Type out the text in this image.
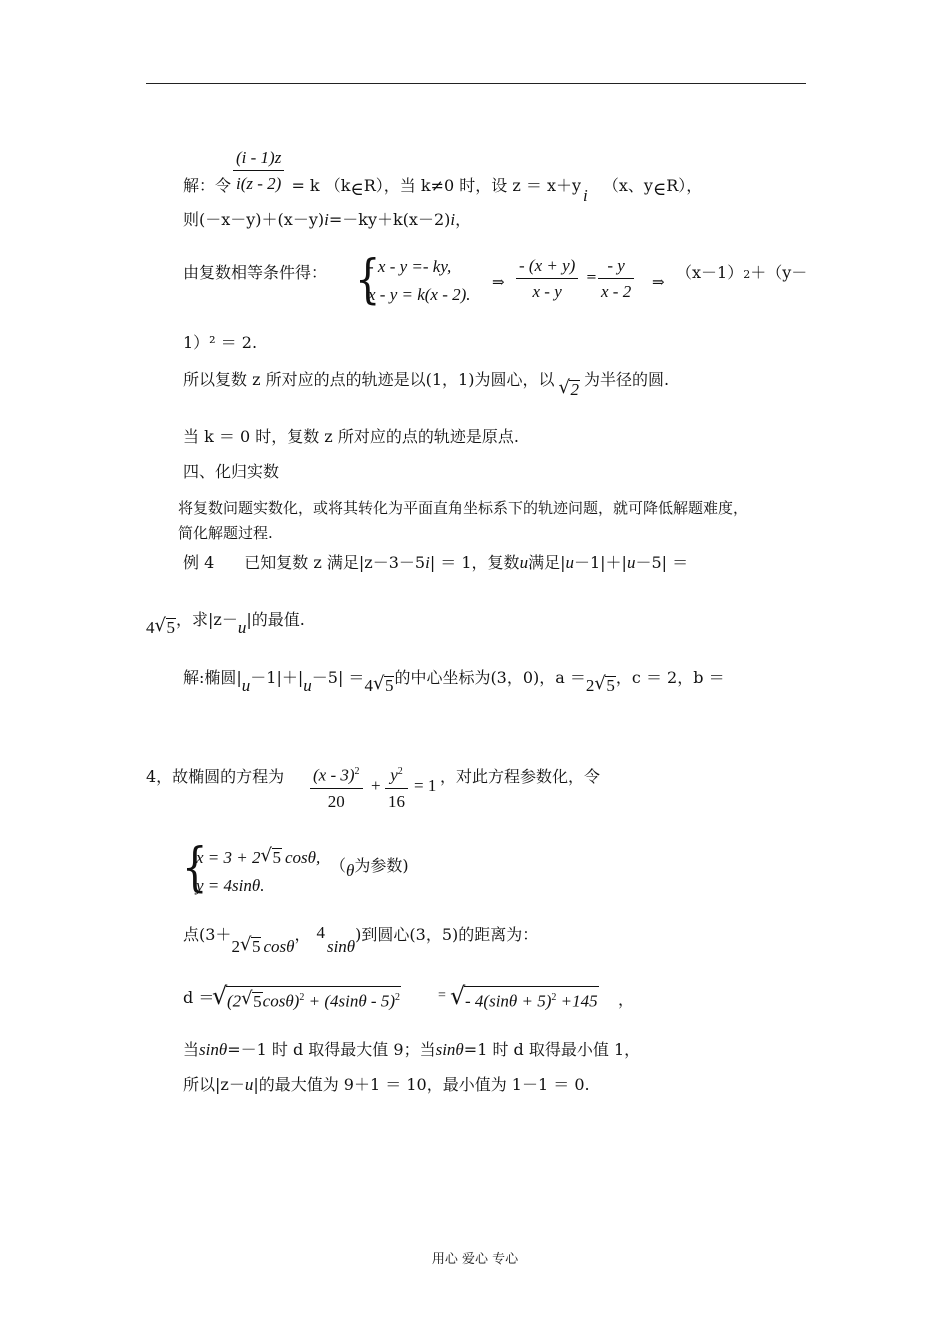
解：令 $\frac{(i - 1)z}{i(z - 2)} = k$ （k∈R），当 k≠0 时，设 z ＝ x＋yi （x、y∈R），
则(－x－y)＋(x－y)i=－ky＋k(x－2)i，
由复数相等条件得： {
- x - y =- ky,
x - y = k(x - 2).
⇒ $\frac{- (x + y)}{x - y} = \frac{- y}{x - 2}$ ⇒ （x－1）2＋（y－
1）² ＝ 2.
所以复数 z 所对应的点的轨迹是以(1，1)为圆心，以 √ 2为半径的圆.
当 k ＝ 0 时，复数 z 所对应的点的轨迹是原点.
四、化归实数
将复数问题实数化，或将其转化为平面直角坐标系下的轨迹问题，就可降低解题难度，
简化解题过程.
例 4 已知复数 z 满足|z－3－5i| ＝ 1，复数u满足|u－1|＋|u－5| ＝
4 √ 5，求|z－u|的最值.
解:椭圆|u－1|＋|u－5| ＝4 √ 5的中心坐标为(3，0)，a ＝2 √ 5，c ＝ 2，b ＝
4，故椭圆的方程为 $\frac{(x - 3)^2}{20} + \frac{y^2}{16} = 1$ ，对此方程参数化，令
{
x = 3 + 2 √ 5 cosθ,
y = 4sinθ.
（θ为参数)
点(3＋2 √ 5 cosθ， 4sinθ)到圆心(3，5)的距离为：
d ＝
√ (2 √ 5cosθ)$^2$ + (4sinθ - 5)$^2$	= √ - $4(\sin\theta + 5)^2 +145$ ，
当sinθ=－1 时 d 取得最大值 9；当sinθ=1 时 d 取得最小值 1，
所以|z－u|的最大值为 9＋1 ＝ 10，最小值为 1－1 ＝ 0.
用心 爱心 专心
